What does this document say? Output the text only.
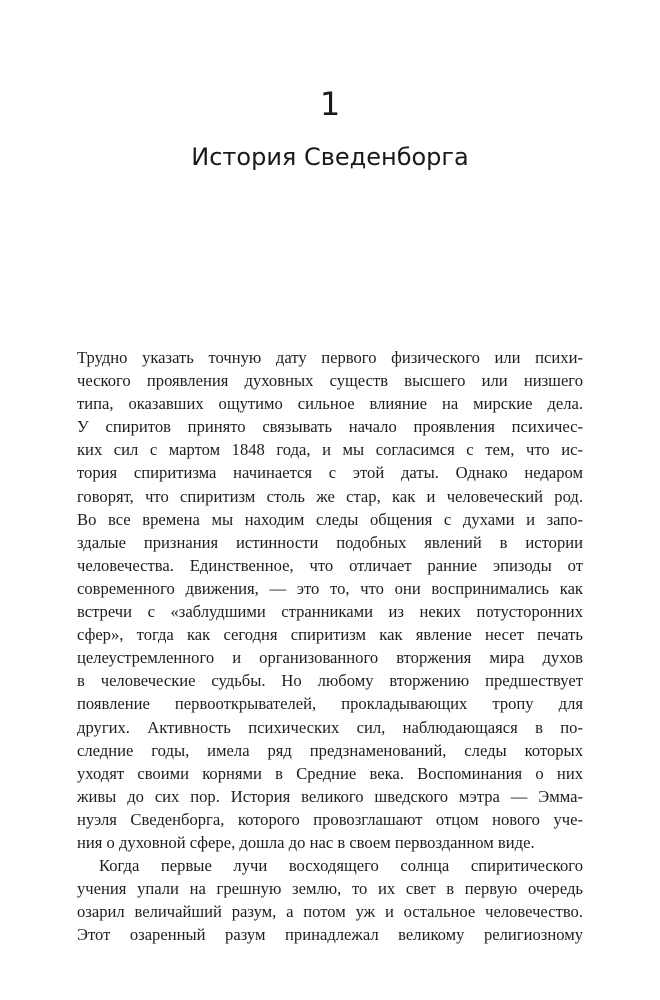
1
История Сведенборга
Трудно указать точную дату первого физического или психи-
ческого проявления духовных существ высшего или низшего
типа, оказавших ощутимо сильное влияние на мирские дела.
У спиритов принято связывать начало проявления психичес-
ких сил с мартом 1848 года, и мы согласимся с тем, что ис-
тория спиритизма начинается с этой даты. Однако недаром
говорят, что спиритизм столь же стар, как и человеческий род.
Во все времена мы находим следы общения с духами и запо-
здалые признания истинности подобных явлений в истории
человечества. Единственное, что отличает ранние эпизоды от
современного движения, — это то, что они воспринимались как
встречи с «заблудшими странниками из неких потусторонних
сфер», тогда как сегодня спиритизм как явление несет печать
целеустремленного и организованного вторжения мира духов
в человеческие судьбы. Но любому вторжению предшествует
появление первооткрывателей, прокладывающих тропу для
других. Активность психических сил, наблюдающаяся в по-
следние годы, имела ряд предзнаменований, следы которых
уходят своими корнями в Средние века. Воспоминания о них
живы до сих пор. История великого шведского мэтра — Эмма-
нуэля Сведенборга, которого провозглашают отцом нового уче-
ния о духовной сфере, дошла до нас в своем первозданном виде.
Когда первые лучи восходящего солнца спиритического
учения упали на грешную землю, то их свет в первую очередь
озарил величайший разум, а потом уж и остальное человечество.
Этот озаренный разум принадлежал великому религиозному
